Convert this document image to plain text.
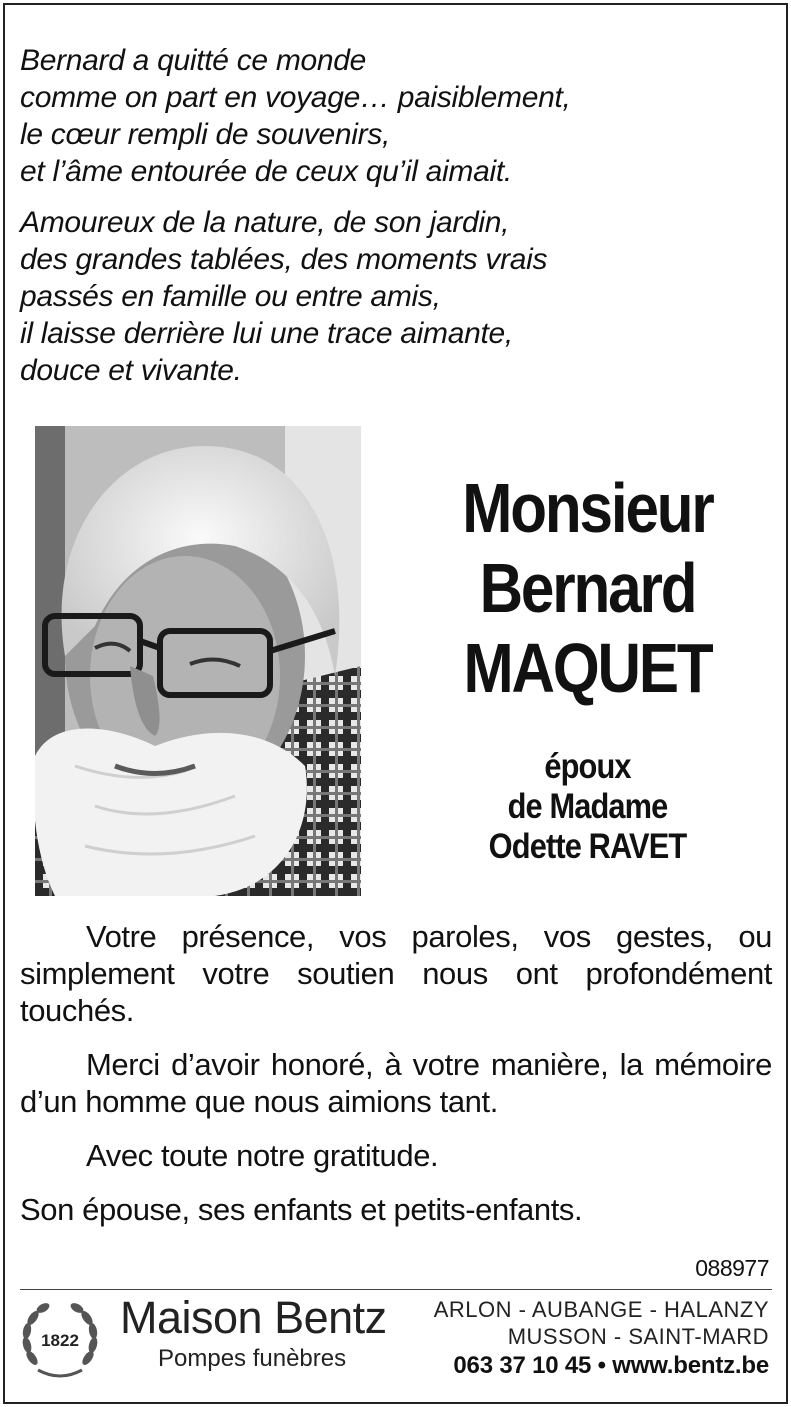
Bernard a quitté ce monde
comme on part en voyage… paisiblement,
le cœur rempli de souvenirs,
et l’âme entourée de ceux qu’il aimait.

Amoureux de la nature, de son jardin,
des grandes tablées, des moments vrais
passés en famille ou entre amis,
il laisse derrière lui une trace aimante,
douce et vivante.

Monsieur
Bernard
MAQUET
époux
de Madame
Odette RAVET

Votre présence, vos paroles, vos gestes, ou simplement votre soutien nous ont profondément touchés.

Merci d’avoir honoré, à votre manière, la mémoire d’un homme que nous aimions tant.

Avec toute notre gratitude.

Son épouse, ses enfants et petits-enfants.

088977
1822 Maison Bentz
Pompes funèbres
ARLON - AUBANGE - HALANZY
MUSSON - SAINT-MARD
063 37 10 45 • www.bentz.be
